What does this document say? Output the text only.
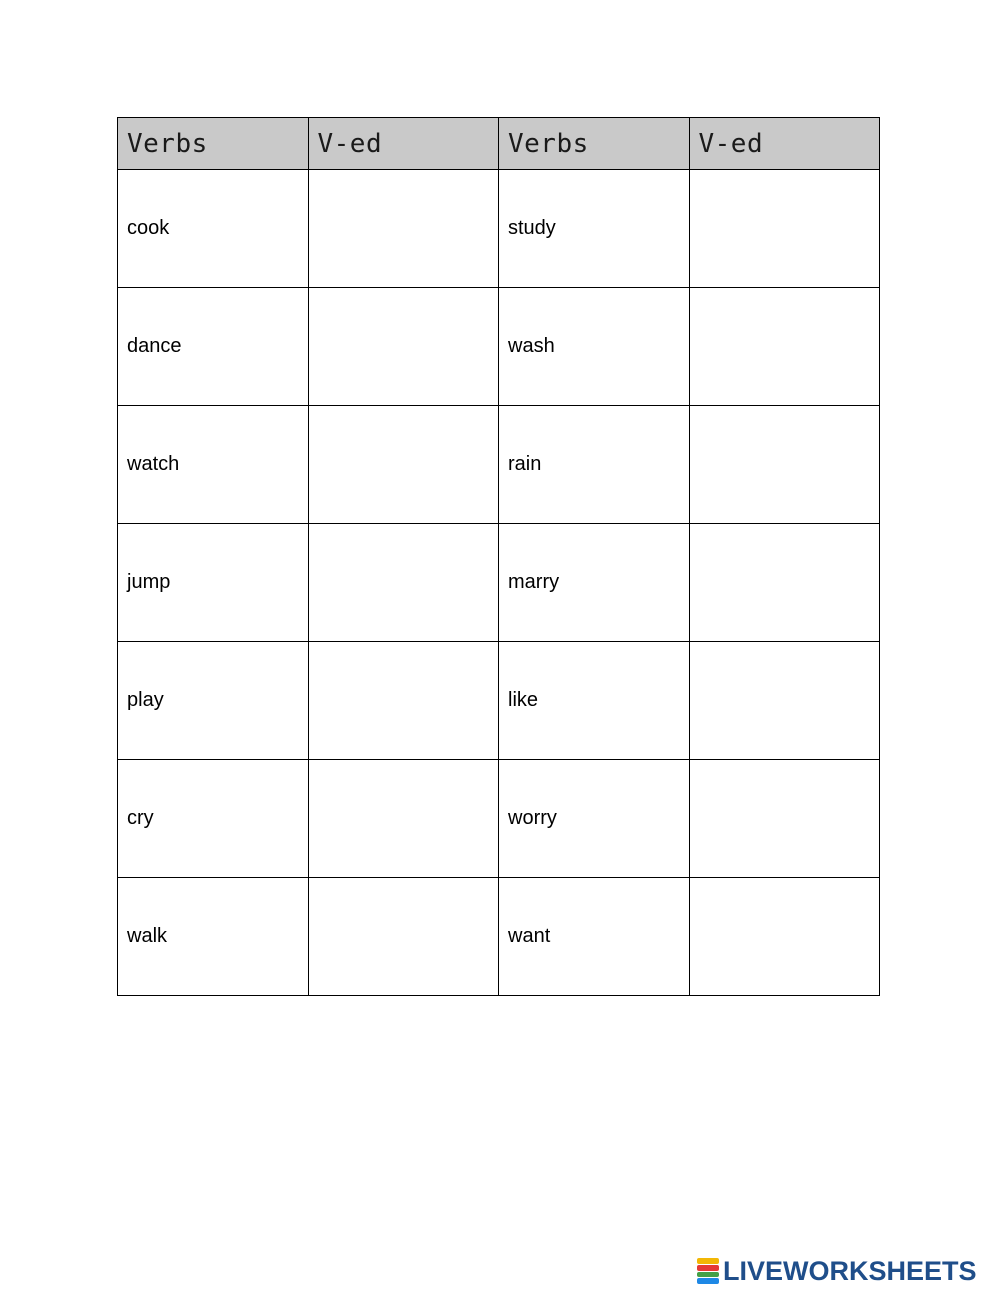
Verbs	V-ed	Verbs	V-ed
cook		study	
dance		wash	
watch		rain	
jump		marry	
play		like	
cry		worry	
walk		want	
LIVEWORKSHEETS
